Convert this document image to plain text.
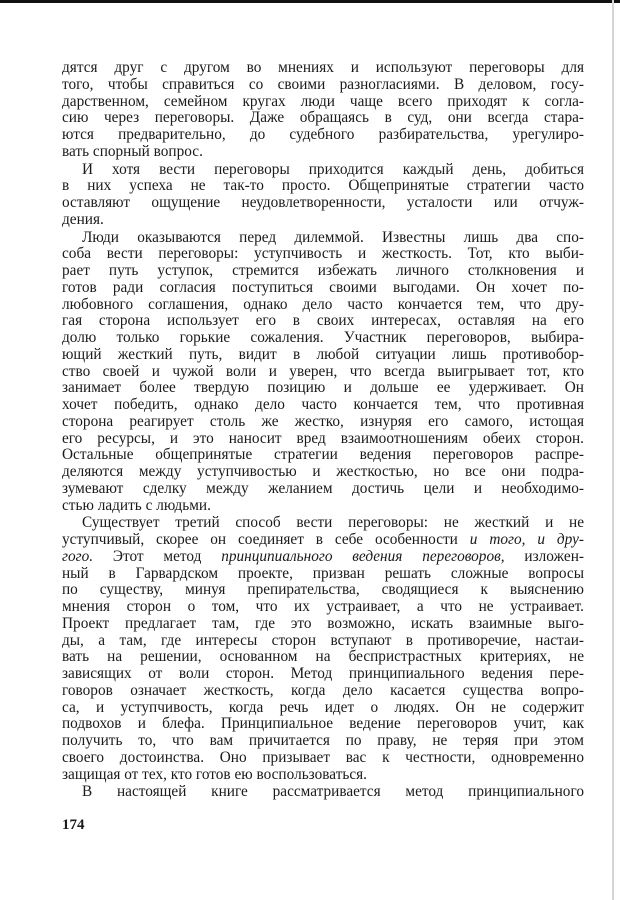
дятся друг с другом во мнениях и используют переговоры для
того, чтобы справиться со своими разногласиями. В деловом, госу-
дарственном, семейном кругах люди чаще всего приходят к согла-
сию через переговоры. Даже обращаясь в суд, они всегда стара-
ются предварительно, до судебного разбирательства, урегулиро-
вать спорный вопрос.
И хотя вести переговоры приходится каждый день, добиться
в них успеха не так-то просто. Общепринятые стратегии часто
оставляют ощущение неудовлетворенности, усталости или отчуж-
дения.
Люди оказываются перед дилеммой. Известны лишь два спо-
соба вести переговоры: уступчивость и жесткость. Тот, кто выби-
рает путь уступок, стремится избежать личного столкновения и
готов ради согласия поступиться своими выгодами. Он хочет по-
любовного соглашения, однако дело часто кончается тем, что дру-
гая сторона использует его в своих интересах, оставляя на его
долю только горькие сожаления. Участник переговоров, выбира-
ющий жесткий путь, видит в любой ситуации лишь противобор-
ство своей и чужой воли и уверен, что всегда выигрывает тот, кто
занимает более твердую позицию и дольше ее удерживает. Он
хочет победить, однако дело часто кончается тем, что противная
сторона реагирует столь же жестко, изнуряя его самого, истощая
его ресурсы, и это наносит вред взаимоотношениям обеих сторон.
Остальные общепринятые стратегии ведения переговоров распре-
деляются между уступчивостью и жесткостью, но все они подра-
зумевают сделку между желанием достичь цели и необходимо-
стью ладить с людьми.
Существует третий способ вести переговоры: не жесткий и не
уступчивый, скорее он соединяет в себе особенности и того, и дру-
гого. Этот метод принципиального ведения переговоров, изложен-
ный в Гарвардском проекте, призван решать сложные вопросы
по существу, минуя препирательства, сводящиеся к выяснению
мнения сторон о том, что их устраивает, а что не устраивает.
Проект предлагает там, где это возможно, искать взаимные выго-
ды, а там, где интересы сторон вступают в противоречие, настаи-
вать на решении, основанном на беспристрастных критериях, не
зависящих от воли сторон. Метод принципиального ведения пере-
говоров означает жесткость, когда дело касается существа вопро-
са, и уступчивость, когда речь идет о людях. Он не содержит
подвохов и блефа. Принципиальное ведение переговоров учит, как
получить то, что вам причитается по праву, не теряя при этом
своего достоинства. Оно призывает вас к честности, одновременно
защищая от тех, кто готов ею воспользоваться.
В настоящей книге рассматривается метод принципиального
174
